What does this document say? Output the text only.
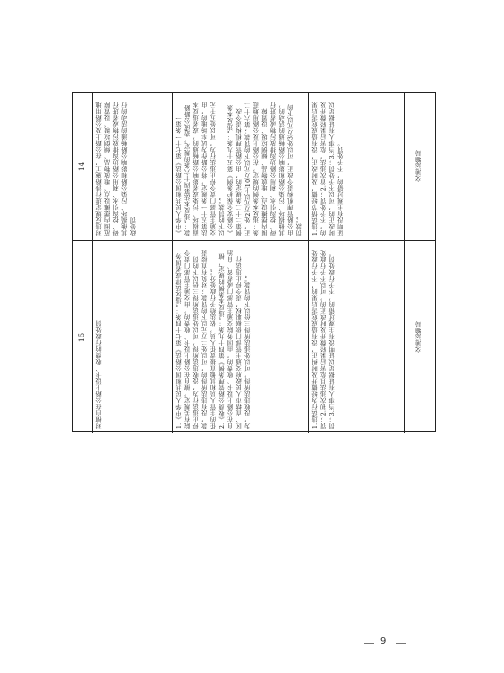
14	对违反规定进行涉路施工，在公路上及公路用地范围内摆摊设点、堆放物品、倾倒垃圾、设置障碍、挖沟引水、利用公路边沟排放污物或者进行其他损坏、污染公路和影响公路畅通的活动的行政处罚	《中华人民共和国公路法》第七十一条第一款：“违反本法第四十六条的规定，造成公路路面损坏、污染或者影响公路畅通的，或者违反本法第五十一条规定，将公路作为试车场地的，由交通主管部门责令停止违法行为，可以处五千元以下的罚款。” 《公路安全保护条例》第五十九条：“违反本条例第二十二条规定的，由公路管理机构责令改正，处2万元以上10万元以下的罚款；第六十二条：违反本条例的规定，在公路上及公路用地范围内摆摊设点、堆放物品、倾倒垃圾、设置障碍、挖沟引水、利用公路边沟排放污物或者进行其他损坏、污染公路和影响公路畅通的活动的，由公路管理机构责令改正，可以处3万元以下的罚款。”	1.违法情节轻微，及时改正，没有造成危害后果的，不予处罚；2.首次违法，危害后果轻微并及时改正的，可以不予处罚；3.当事人有证据足以证明没有主观过错的，不予处罚。	交通运输局
15	对擅自在公路上设卡、收费的行政处罚	1.《中华人民共和国公路法》第七十四条：“违反法律或者国务院有关规定，擅自在公路上设卡、收费的，由交通主管部门责令停止违法行为，没收违法所得，可以处违法所得三倍以下的罚款，没有违法所得的，可以处二万元以下的罚款；对负有直接责任的主管人员和其他直接责任人员，依法给予行政处分。” 2.《收费公路管理条例》第四十九条：“违反本条例的规定，擅自在公路上设卡、收费的，由国务院交通主管部门或者省、自治区、直辖市人民政府交通主管部门依据职权，责令停止违法行为，没收违法所得，可以处违法所得三倍以下的罚款。”	1.违法行为轻微并及时纠正，没有造成危害后果的，不予行政处罚；2.初次违法且危害后果轻微并及时改正的，可以不予行政处罚；3.当事人有证据足以证明没有主观过错的，不予行政处罚。	交通运输局
9
